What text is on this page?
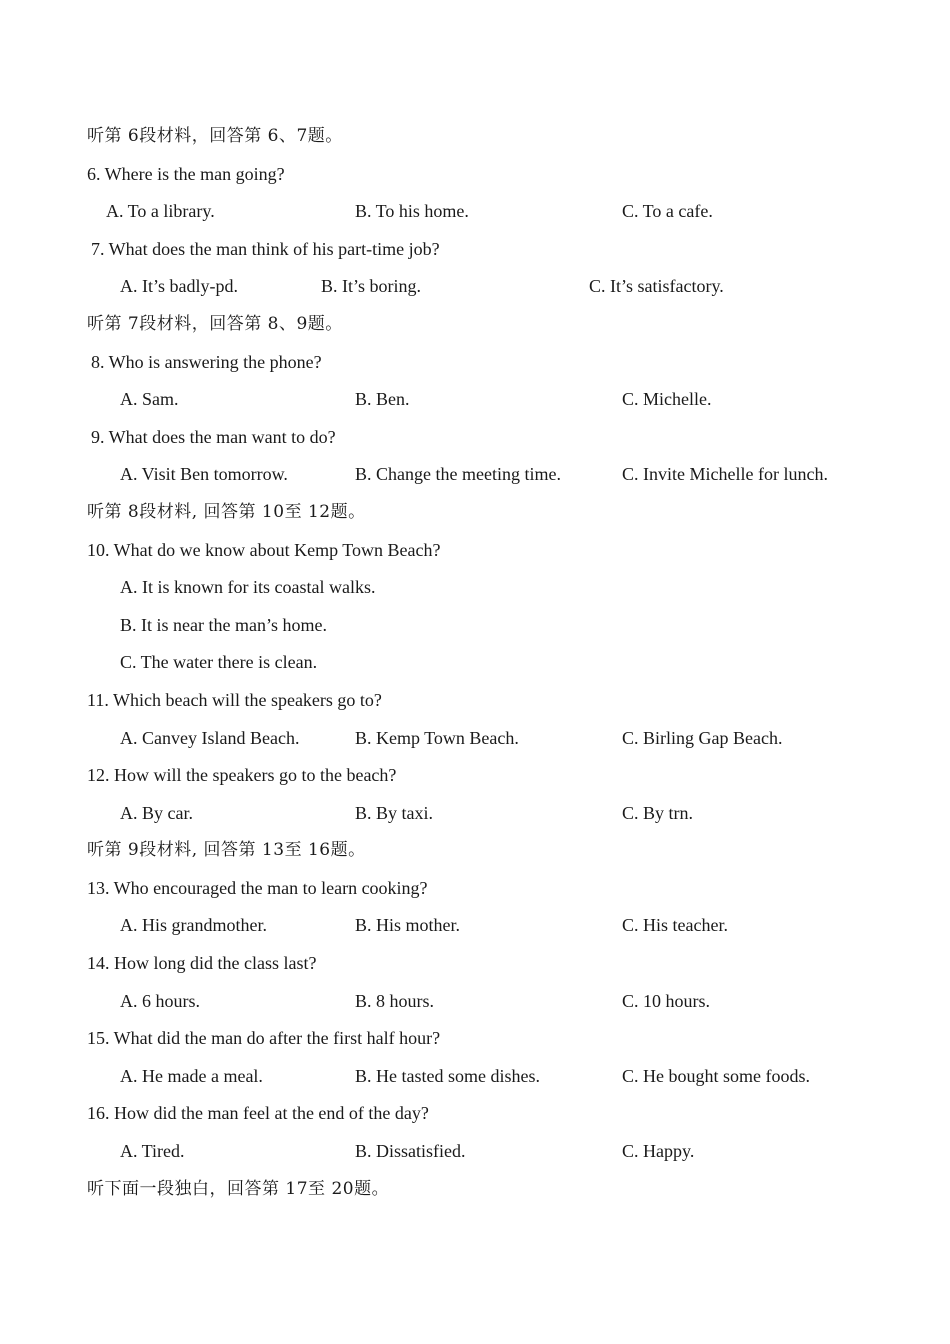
听第 6段材料，回答第 6、7题。
6. Where is the man going?
A. To a library.	B. To his home.	C. To a cafe.
7. What does the man think of his part-time job?
A. It’s badly-pd.	B. It’s boring.	C. It’s satisfactory.
听第 7段材料，回答第 8、9题。
8. Who is answering the phone?
A. Sam.	B. Ben.	C. Michelle.
9. What does the man want to do?
A. Visit Ben tomorrow.	B. Change the meeting time.	C. Invite Michelle for lunch.
听第 8段材料, 回答第 10至 12题。
10. What do we know about Kemp Town Beach?
A. It is known for its coastal walks.
B. It is near the man’s home.
C. The water there is clean.
11. Which beach will the speakers go to?
A. Canvey Island Beach.	B. Kemp Town Beach.	C. Birling Gap Beach.
12. How will the speakers go to the beach?
A. By car.	B. By taxi.	C. By trn.
听第 9段材料, 回答第 13至 16题。
13. Who encouraged the man to learn cooking?
A. His grandmother.	B. His mother.	C. His teacher.
14. How long did the class last?
A. 6 hours.	B. 8 hours.	C. 10 hours.
15. What did the man do after the first half hour?
A. He made a meal.	B. He tasted some dishes.	C. He bought some foods.
16. How did the man feel at the end of the day?
A. Tired.	B. Dissatisfied.	C. Happy.
听下面一段独白，回答第 17至 20题。
